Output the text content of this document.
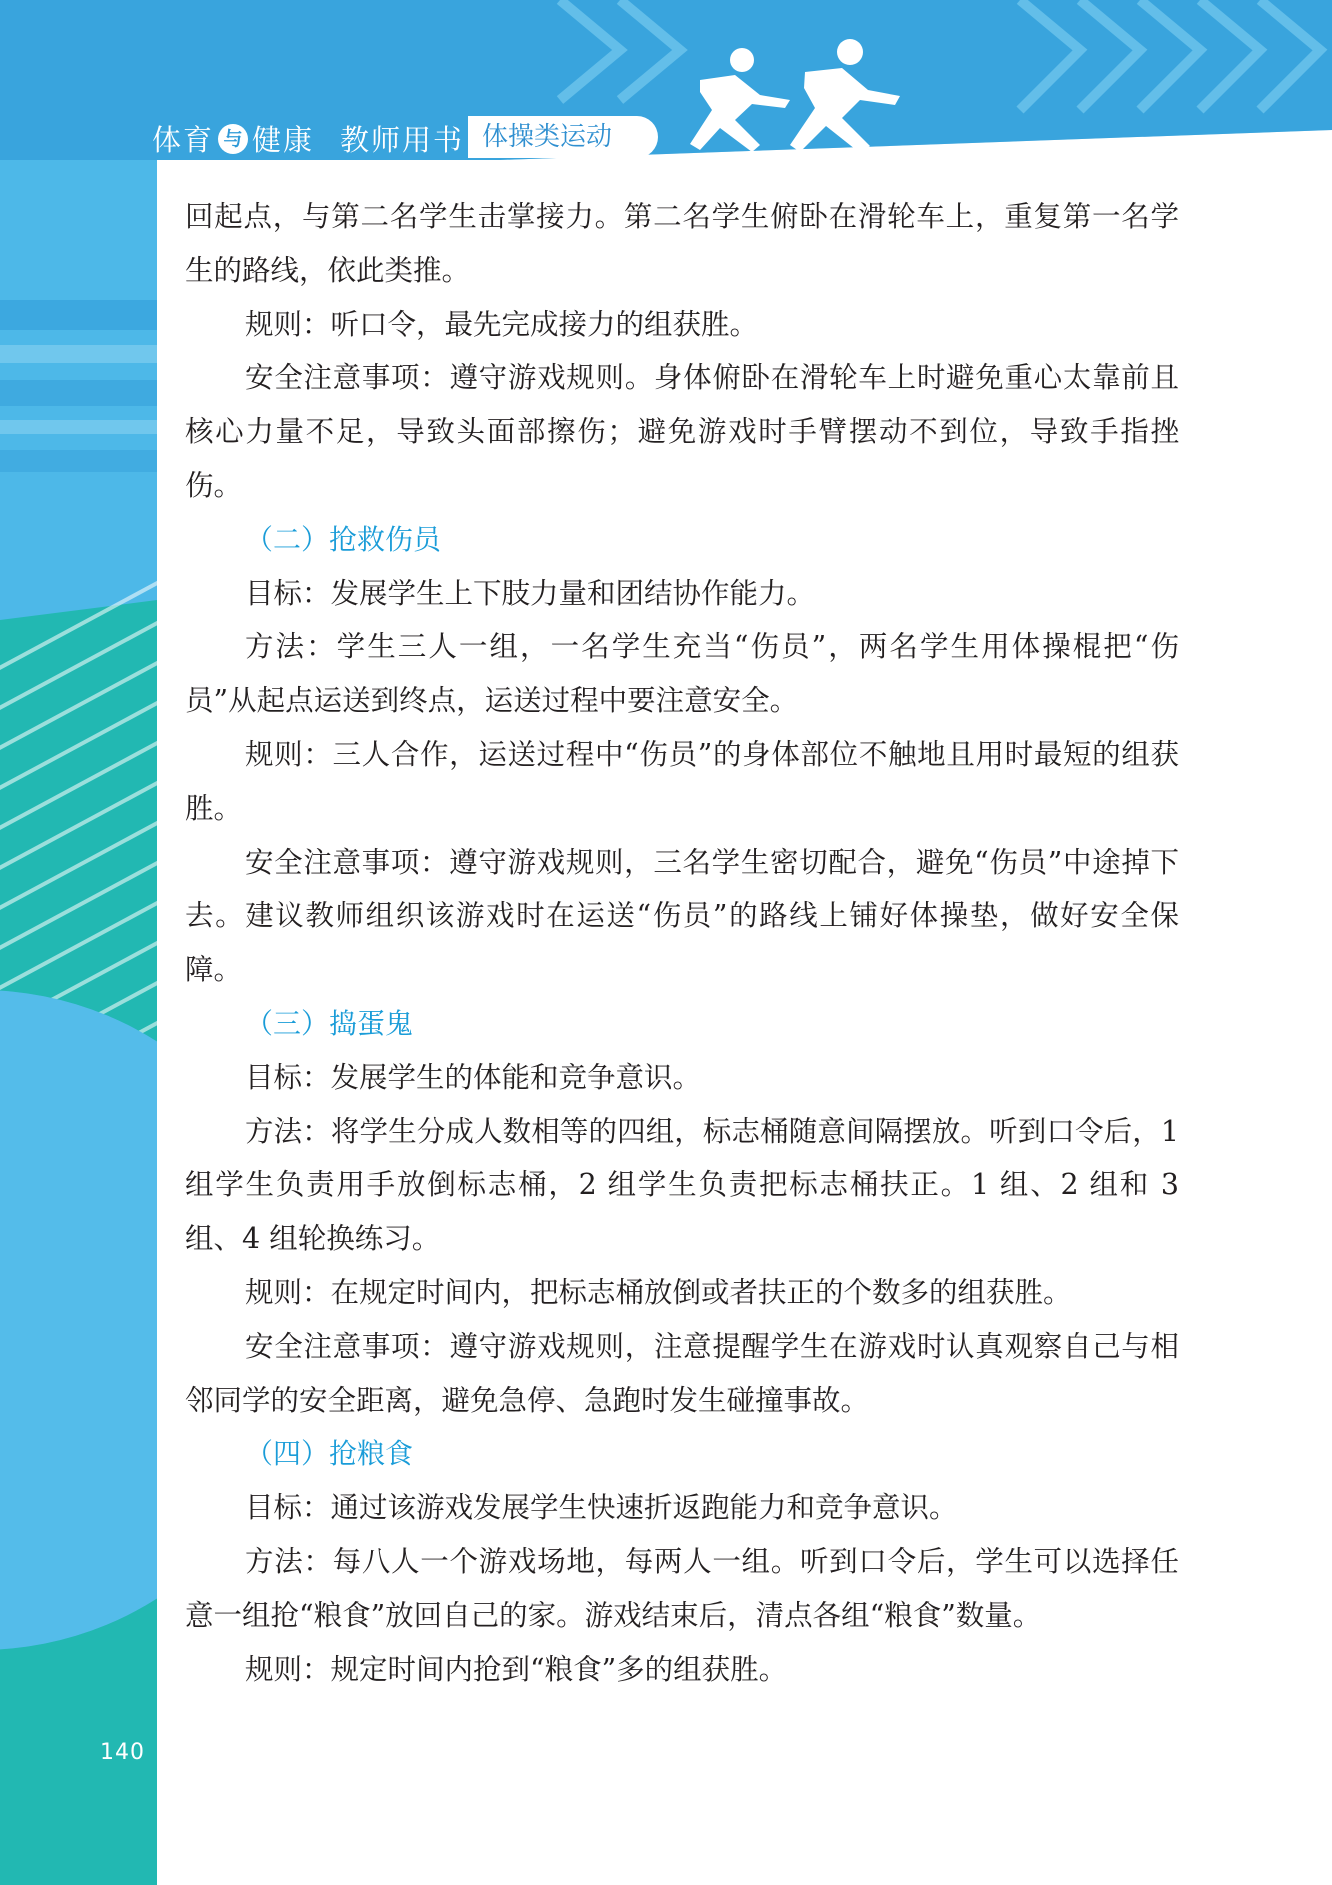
体育 与 健康 教师用书 体操类运动

回起点，与第二名学生击掌接力。第二名学生俯卧在滑轮车上，重复第一名学生的路线，依此类推。

规则：听口令，最先完成接力的组获胜。

安全注意事项：遵守游戏规则。身体俯卧在滑轮车上时避免重心太靠前且核心力量不足，导致头面部擦伤；避免游戏时手臂摆动不到位，导致手指挫伤。

（二）抢救伤员

目标：发展学生上下肢力量和团结协作能力。

方法：学生三人一组，一名学生充当“伤员”，两名学生用体操棍把“伤员”从起点运送到终点，运送过程中要注意安全。

规则：三人合作，运送过程中“伤员”的身体部位不触地且用时最短的组获胜。

安全注意事项：遵守游戏规则，三名学生密切配合，避免“伤员”中途掉下去。建议教师组织该游戏时在运送“伤员”的路线上铺好体操垫，做好安全保障。

（三）捣蛋鬼

目标：发展学生的体能和竞争意识。

方法：将学生分成人数相等的四组，标志桶随意间隔摆放。听到口令后，1 组学生负责用手放倒标志桶，2 组学生负责把标志桶扶正。1 组、2 组和 3 组、4 组轮换练习。

规则：在规定时间内，把标志桶放倒或者扶正的个数多的组获胜。

安全注意事项：遵守游戏规则，注意提醒学生在游戏时认真观察自己与相邻同学的安全距离，避免急停、急跑时发生碰撞事故。

（四）抢粮食

目标：通过该游戏发展学生快速折返跑能力和竞争意识。

方法：每八人一个游戏场地，每两人一组。听到口令后，学生可以选择任意一组抢“粮食”放回自己的家。游戏结束后，清点各组“粮食”数量。

规则：规定时间内抢到“粮食”多的组获胜。

140
